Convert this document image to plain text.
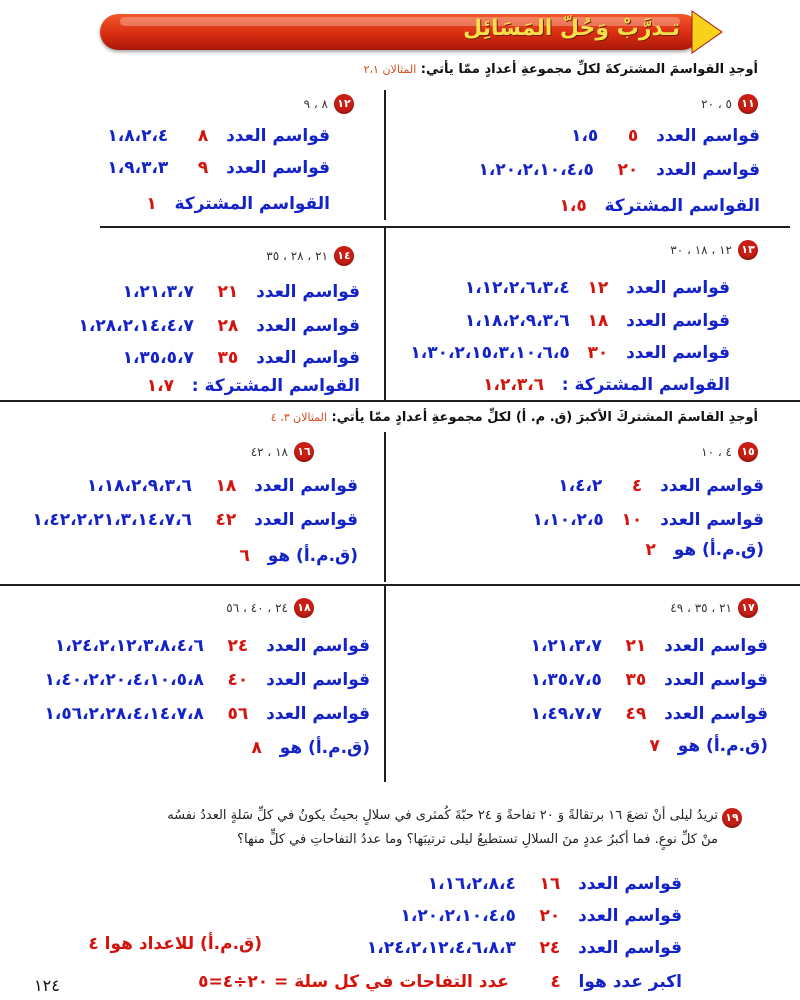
تـدرَّبْ وَحُلّ المَسَائِل
أوجدِ القواسمَ المشتركةَ لكلِّ مجموعةِ أعدادٍ ممّا يأتي: المثالان ٢،١
١١
٥ ، ٢٠
قواسم العدد   ٥     ١،٥
قواسم العدد   ٢٠    ١،٢٠،٢،١٠،٤،٥
القواسم المشتركة   ١،٥
١٢
٨ ، ٩
قواسم العدد   ٨     ١،٨،٢،٤
قواسم العدد   ٩     ١،٩،٣،٣
القواسم المشتركة   ١
١٣
١٢ ، ١٨ ، ٣٠
قواسم العدد   ١٢   ١،١٢،٢،٦،٣،٤
قواسم العدد   ١٨   ١،١٨،٢،٩،٣،٦
قواسم العدد   ٣٠   ١،٣٠،٢،١٥،٣،١٠،٦،٥
القواسم المشتركة :   ١،٢،٣،٦
١٤
٢١ ، ٢٨ ، ٣٥
قواسم العدد   ٢١    ١،٢١،٣،٧
قواسم العدد   ٢٨    ١،٢٨،٢،١٤،٤،٧
قواسم العدد   ٣٥    ١،٣٥،٥،٧
القواسم المشتركة :   ١،٧
أوجدِ القاسمَ المشتركَ الأكبرَ (ق. م. أ) لكلِّ مجموعةِ أعدادٍ ممّا يأتي: المثالان ٣، ٤
١٥
٤ ، ١٠
قواسم العدد   ٤     ١،٤،٢
قواسم العدد   ١٠   ١،١٠،٢،٥
(ق.م.أ) هو   ٢
١٦
١٨ ، ٤٢
قواسم العدد   ١٨    ١،١٨،٢،٩،٣،٦
قواسم العدد   ٤٢    ١،٤٢،٢،٢١،٣،١٤،٧،٦
(ق.م.أ) هو   ٦
١٧
٢١ ، ٣٥ ، ٤٩
قواسم العدد   ٢١    ١،٢١،٣،٧
قواسم العدد   ٣٥    ١،٣٥،٧،٥
قواسم العدد   ٤٩    ١،٤٩،٧،٧
(ق.م.أ) هو   ٧
١٨
٢٤ ، ٤٠ ، ٥٦
قواسم العدد   ٢٤    ١،٢٤،٢،١٢،٣،٨،٤،٦
قواسم العدد   ٤٠    ١،٤٠،٢،٢٠،٤،١٠،٥،٨
قواسم العدد   ٥٦    ١،٥٦،٢،٢٨،٤،١٤،٧،٨
(ق.م.أ) هو   ٨
١٩
تريدُ ليلى أنْ تضعَ ١٦ برتقالةً وَ ٢٠ تفاحةً وَ ٢٤ حبّةَ كُمثرى في سلالٍ بحيثُ يكونُ في كلِّ سَلةٍ العددُ نفسُه
منْ كلِّ نوعٍ. فما أكبرُ عددٍ منَ السلالِ تستطيعُ ليلى ترتيبَها؟ وما عددُ التفاحاتِ في كلٍّ منها؟
قواسم العدد   ١٦    ١،١٦،٢،٨،٤
قواسم العدد   ٢٠    ١،٢٠،٢،١٠،٤،٥
قواسم العدد   ٢٤    ١،٢٤،٢،١٢،٤،٦،٨،٣
(ق.م.أ) للاعداد هوا ٤
اكبر عدد هوا   ٤       عدد التفاحات في كل سلة = ٢٠÷٤=٥
١٢٤
